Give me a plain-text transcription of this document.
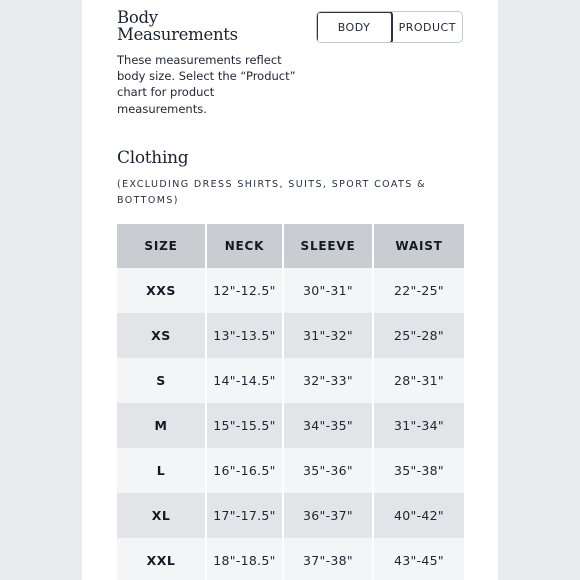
Body
Measurements	BODY	PRODUCT
These measurements reflect body size. Select the “Product” chart for product measurements.
Clothing
(EXCLUDING DRESS SHIRTS, SUITS, SPORT COATS & BOTTOMS)
SIZE	NECK	SLEEVE	WAIST
XXS	12"-12.5"	30"-31"	22"-25"
XS	13"-13.5"	31"-32"	25"-28"
S	14"-14.5"	32"-33"	28"-31"
M	15"-15.5"	34"-35"	31"-34"
L	16"-16.5"	35"-36"	35"-38"
XL	17"-17.5"	36"-37"	40"-42"
XXL	18"-18.5"	37"-38"	43"-45"
